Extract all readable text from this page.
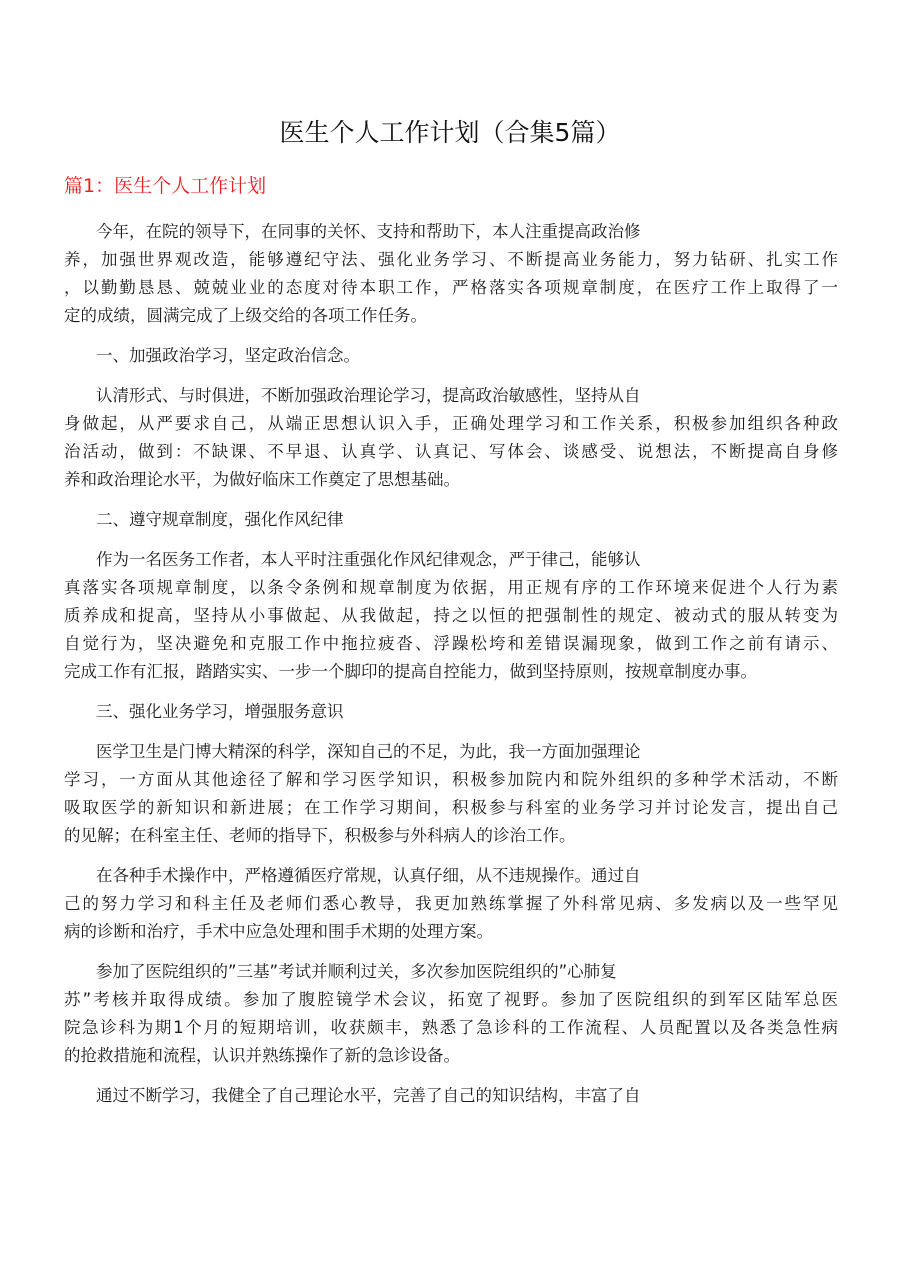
医生个人工作计划（合集5篇）
篇1：医生个人工作计划
今年，在院的领导下，在同事的关怀、支持和帮助下，本人注重提高政治修
养，加强世界观改造，能够遵纪守法、强化业务学习、不断提高业务能力，努力钻研、扎实工作
，以勤勤恳恳、兢兢业业的态度对待本职工作，严格落实各项规章制度，在医疗工作上取得了一
定的成绩，圆满完成了上级交给的各项工作任务。
一、加强政治学习，坚定政治信念。
认清形式、与时俱进，不断加强政治理论学习，提高政治敏感性，坚持从自
身做起，从严要求自己，从端正思想认识入手，正确处理学习和工作关系，积极参加组织各种政
治活动，做到：不缺课、不早退、认真学、认真记、写体会、谈感受、说想法，不断提高自身修
养和政治理论水平，为做好临床工作奠定了思想基础。
二、遵守规章制度，强化作风纪律
作为一名医务工作者，本人平时注重强化作风纪律观念，严于律己，能够认
真落实各项规章制度，以条令条例和规章制度为依据，用正规有序的工作环境来促进个人行为素
质养成和捉高，坚持从小事做起、从我做起，持之以恒的把强制性的规定、被动式的服从转变为
自觉行为，坚决避免和克服工作中拖拉疲沓、浮躁松垮和差错误漏现象，做到工作之前有请示、
完成工作有汇报，踏踏实实、一步一个脚印的提高自控能力，做到坚持原则，按规章制度办事。
三、强化业务学习，增强服务意识
医学卫生是门博大精深的科学，深知自己的不足，为此，我一方面加强理论
学习，一方面从其他途径了解和学习医学知识，积极参加院内和院外组织的多种学术活动，不断
吸取医学的新知识和新进展；在工作学习期间，积极参与科室的业务学习并讨论发言，提出自己
的见解；在科室主任、老师的指导下，积极参与外科病人的诊治工作。
在各种手术操作中，严格遵循医疗常规，认真仔细，从不违规操作。通过自
己的努力学习和科主任及老师们悉心教导，我更加熟练掌握了外科常见病、多发病以及一些罕见
病的诊断和治疗，手术中应急处理和围手术期的处理方案。
参加了医院组织的”三基”考试并顺利过关，多次参加医院组织的”心肺复
苏”考核并取得成绩。参加了腹腔镜学术会议，拓宽了视野。参加了医院组织的到军区陆军总医
院急诊科为期1个月的短期培训，收获颇丰，熟悉了急诊科的工作流程、人员配置以及各类急性病
的抢救措施和流程，认识并熟练操作了新的急诊设备。
通过不断学习，我健全了自己理论水平，完善了自己的知识结构，丰富了自
